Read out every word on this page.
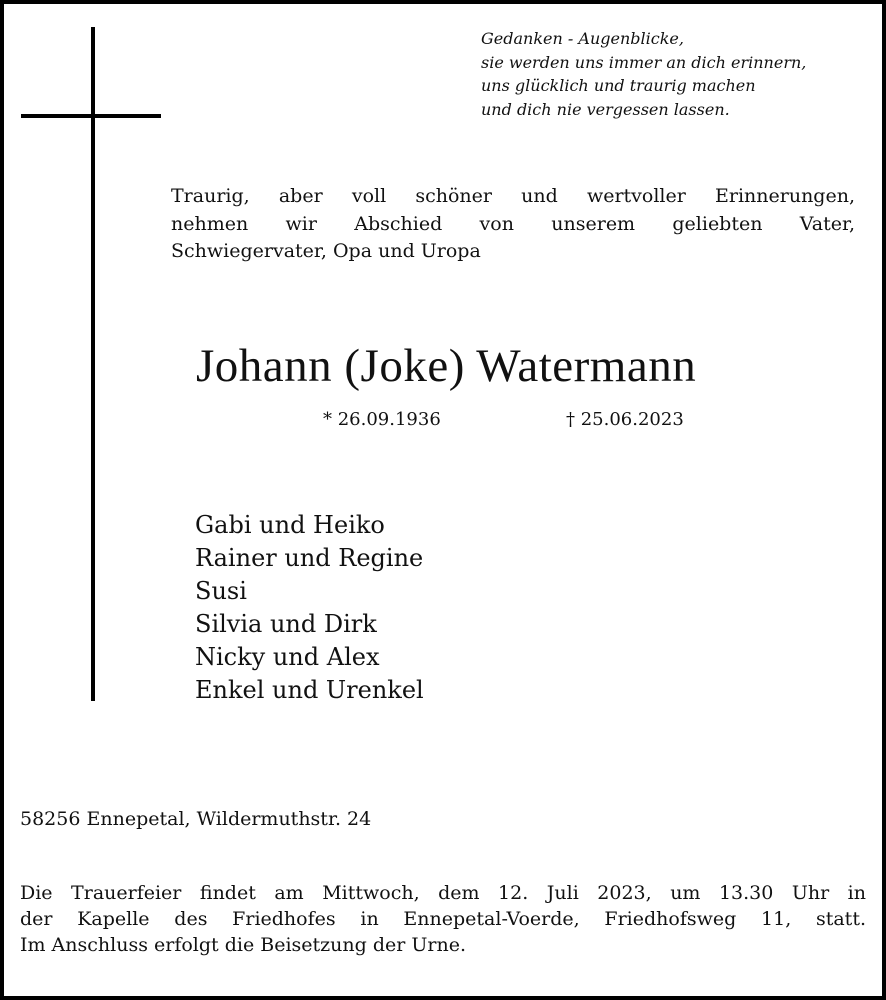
Gedanken - Augenblicke,
sie werden uns immer an dich erinnern,
uns glücklich und traurig machen
und dich nie vergessen lassen.
Traurig, aber voll schöner und wertvoller Erinnerungen,
nehmen wir Abschied von unserem geliebten Vater,
Schwiegervater, Opa und Uropa
Johann (Joke) Watermann
* 26.09.1936	† 25.06.2023
Gabi und Heiko
Rainer und Regine
Susi
Silvia und Dirk
Nicky und Alex
Enkel und Urenkel
58256 Ennepetal, Wildermuthstr. 24
Die Trauerfeier findet am Mittwoch, dem 12. Juli 2023, um 13.30 Uhr in
der Kapelle des Friedhofes in Ennepetal-Voerde, Friedhofsweg 11, statt.
Im Anschluss erfolgt die Beisetzung der Urne.
